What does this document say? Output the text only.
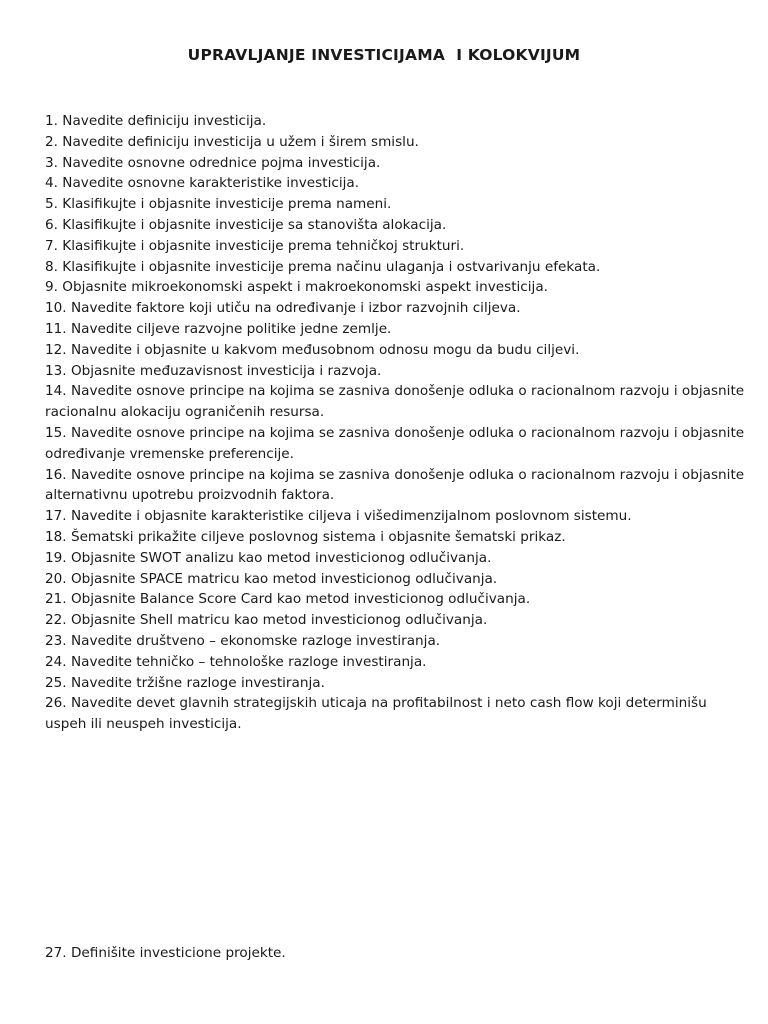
UPRAVLJANJE INVESTICIJAMA  I KOLOKVIJUM
1. Navedite definiciju investicija.
2. Navedite definiciju investicija u užem i širem smislu.
3. Navedite osnovne odrednice pojma investicija.
4. Navedite osnovne karakteristike investicija.
5. Klasifikujte i objasnite investicije prema nameni.
6. Klasifikujte i objasnite investicije sa stanovišta alokacija.
7. Klasifikujte i objasnite investicije prema tehničkoj strukturi.
8. Klasifikujte i objasnite investicije prema načinu ulaganja i ostvarivanju efekata.
9. Objasnite mikroekonomski aspekt i makroekonomski aspekt investicija.
10. Navedite faktore koji utiču na određivanje i izbor razvojnih ciljeva.
11. Navedite ciljeve razvojne politike jedne zemlje.
12. Navedite i objasnite u kakvom međusobnom odnosu mogu da budu ciljevi.
13. Objasnite međuzavisnost investicija i razvoja.
14. Navedite osnove principe na kojima se zasniva donošenje odluka o racionalnom razvoju i objasnite racionalnu alokaciju ograničenih resursa.
15. Navedite osnove principe na kojima se zasniva donošenje odluka o racionalnom razvoju i objasnite određivanje vremenske preferencije.
16. Navedite osnove principe na kojima se zasniva donošenje odluka o racionalnom razvoju i objasnite alternativnu upotrebu proizvodnih faktora.
17. Navedite i objasnite karakteristike ciljeva i višedimenzijalnom poslovnom sistemu.
18. Šematski prikažite ciljeve poslovnog sistema i objasnite šematski prikaz.
19. Objasnite SWOT analizu kao metod investicionog odlučivanja.
20. Objasnite SPACE matricu kao metod investicionog odlučivanja.
21. Objasnite Balance Score Card kao metod investicionog odlučivanja.
22. Objasnite Shell matricu kao metod investicionog odlučivanja.
23. Navedite društveno – ekonomske razloge investiranja.
24. Navedite tehničko – tehnološke razloge investiranja.
25. Navedite tržišne razloge investiranja.
26. Navedite devet glavnih strategijskih uticaja na profitabilnost i neto cash flow koji determinišu uspeh ili neuspeh investicija.
27. Definišite investicione projekte.
